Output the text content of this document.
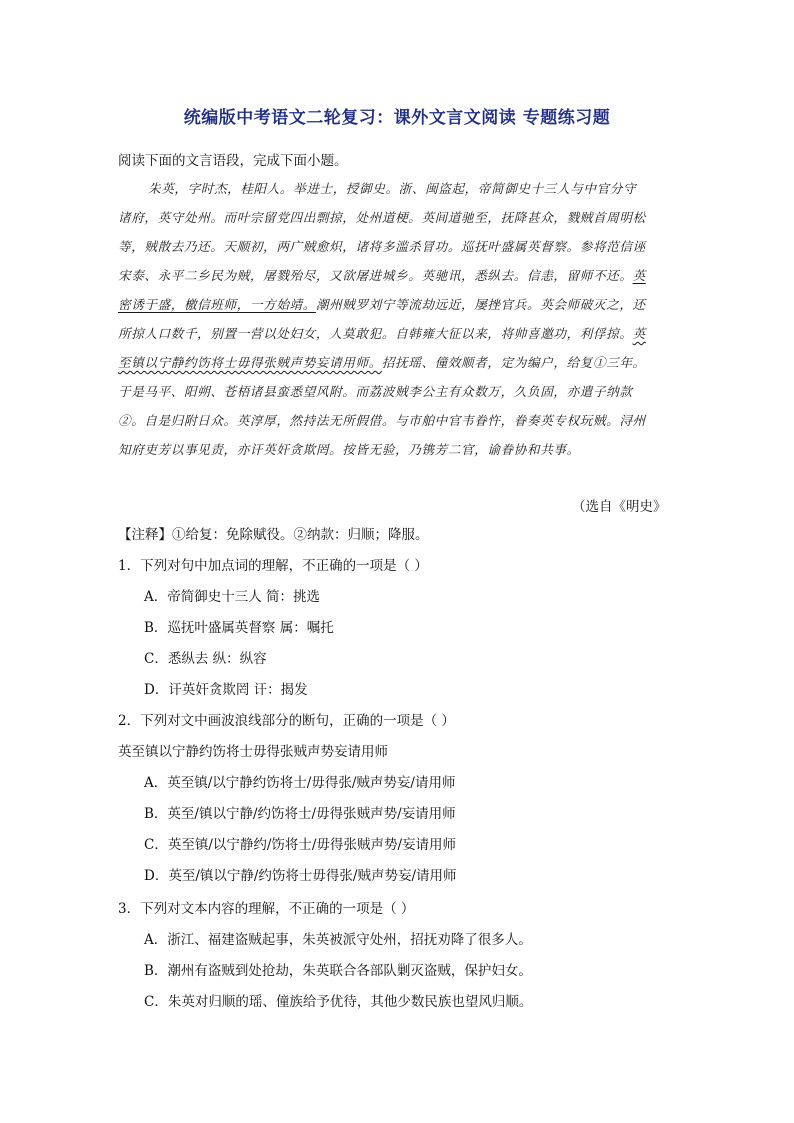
统编版中考语文二轮复习：课外文言文阅读 专题练习题
阅读下面的文言语段，完成下面小题。
朱英，字时杰，桂阳人。举进士，授御史。浙、闽盗起，帝简御史十三人与中官分守
诸府，英守处州。而叶宗留党四出剽掠，处州道梗。英间道驰至，抚降甚众，戮贼首周明松
等，贼散去乃还。天顺初，两广贼愈炽，诸将多滥杀冒功。巡抚叶盛属英督察。参将范信诬
宋泰、永平二乡民为贼，屠戮殆尽，又欲屠进城乡。英驰讯，悉纵去。信恚，留师不还。英
密诱于盛，檄信班师，一方始靖。潮州贼罗刘宁等流劫远近，屡挫官兵。英会师破灭之，还
所掠人口数千，别置一营以处妇女，人莫敢犯。自韩雍大征以来，将帅喜邀功，利俘掠。英
至镇以宁静约饬将士毋得张贼声势妄请用师。招抚瑶、僮效顺者，定为编户，给复①三年。
于是马平、阳朔、苍梧诸县蛮悉望风附。而荔波贼李公主有众数万，久负固，亦遣子纳款
②。自是归附日众。英淳厚，然持法无所假借。与市舶中官韦眷忤，眷奏英专权玩贼。浔州
知府吏芳以事见责，亦讦英奸贪欺罔。按皆无验，乃镌芳二官，谕眷协和共事。
（选自《明史》
【注释】①给复：免除赋役。②纳款：归顺；降服。
1．下列对句中加点词的理解，不正确的一项是（ ）
A．帝简御史十三人 简：挑选
B．巡抚叶盛属英督察 属：嘱托
C．悉纵去 纵：纵容
D．讦英奸贪欺罔 讦：揭发
2．下列对文中画波浪线部分的断句，正确的一项是（ ）
英至镇以宁静约饬将士毋得张贼声势妄请用师
A．英至镇/以宁静约饬将士/毋得张/贼声势妄/请用师
B．英至/镇以宁静/约饬将士/毋得张贼声势/妄请用师
C．英至镇/以宁静约/饬将士/毋得张贼声势/妄请用师
D．英至/镇以宁静/约饬将士毋得张/贼声势妄/请用师
3．下列对文本内容的理解，不正确的一项是（ ）
A．浙江、福建盗贼起事，朱英被派守处州，招抚劝降了很多人。
B．潮州有盗贼到处抢劫，朱英联合各部队剿灭盗贼，保护妇女。
C．朱英对归顺的瑶、僮族给予优待，其他少数民族也望风归顺。
